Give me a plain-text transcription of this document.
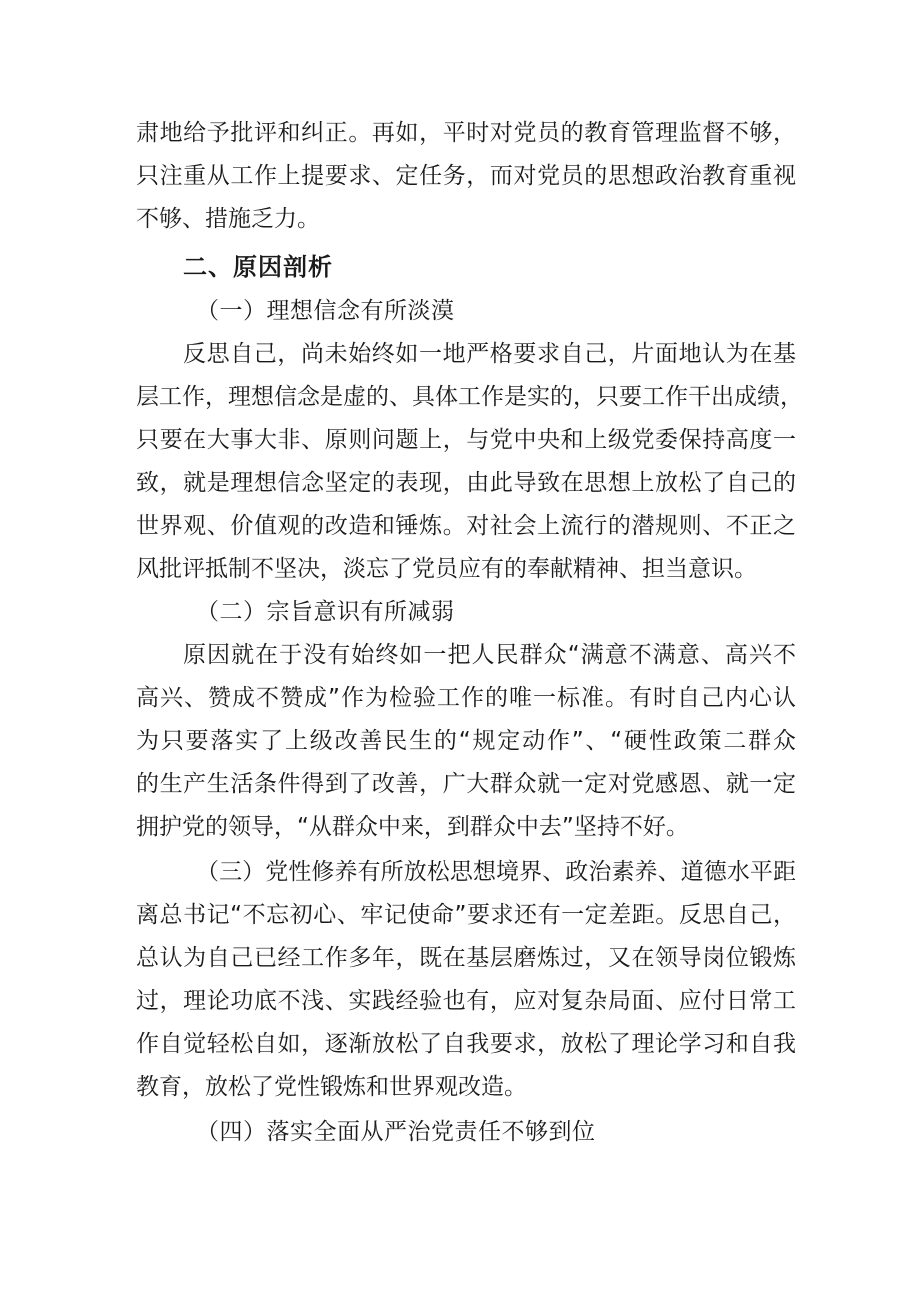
肃地给予批评和纠正。再如，平时对党员的教育管理监督不够，
只注重从工作上提要求、定任务，而对党员的思想政治教育重视
不够、措施乏力。
二、原因剖析
（一）理想信念有所淡漠
反思自己，尚未始终如一地严格要求自己，片面地认为在基
层工作，理想信念是虚的、具体工作是实的，只要工作干出成绩，
只要在大事大非、原则问题上，与党中央和上级党委保持高度一
致，就是理想信念坚定的表现，由此导致在思想上放松了自己的
世界观、价值观的改造和锤炼。对社会上流行的潜规则、不正之
风批评抵制不坚决，淡忘了党员应有的奉献精神、担当意识。
（二）宗旨意识有所减弱
原因就在于没有始终如一把人民群众“满意不满意、高兴不
高兴、赞成不赞成”作为检验工作的唯一标准。有时自己内心认
为只要落实了上级改善民生的“规定动作”、“硬性政策二群众
的生产生活条件得到了改善，广大群众就一定对党感恩、就一定
拥护党的领导，“从群众中来，到群众中去”坚持不好。
（三）党性修养有所放松思想境界、政治素养、道德水平距
离总书记“不忘初心、牢记使命”要求还有一定差距。反思自己，
总认为自己已经工作多年，既在基层磨炼过，又在领导岗位锻炼
过，理论功底不浅、实践经验也有，应对复杂局面、应付日常工
作自觉轻松自如，逐渐放松了自我要求，放松了理论学习和自我
教育，放松了党性锻炼和世界观改造。
（四）落实全面从严治党责任不够到位
